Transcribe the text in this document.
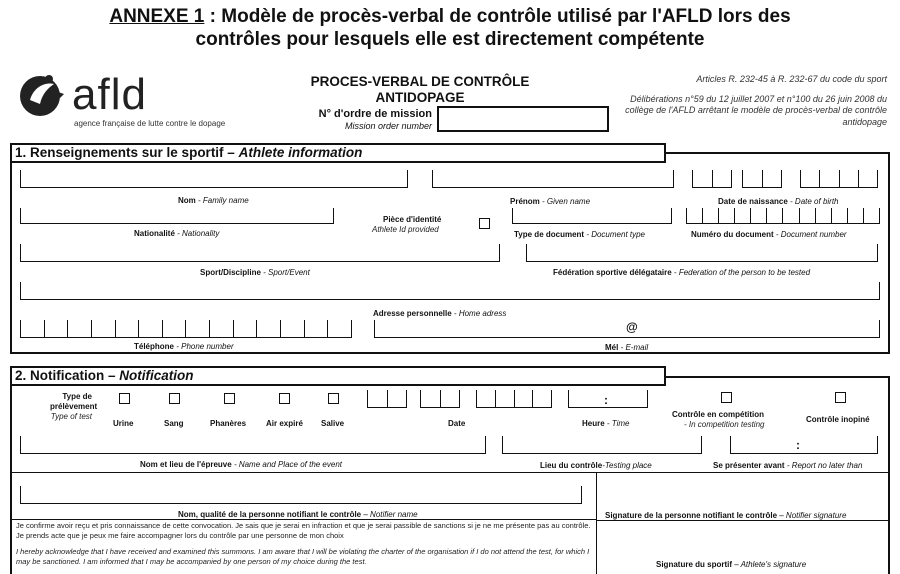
ANNEXE 1 : Modèle de procès-verbal de contrôle utilisé par l'AFLD lors des
contrôles pour lesquels elle est directement compétente
afld
agence française de lutte contre le dopage
PROCES-VERBAL DE CONTRÔLE
ANTIDOPAGE
N° d'ordre de mission
Mission order number
Articles R. 232-45 à R. 232-67 du code du sport
Délibérations n°59 du 12 juillet 2007 et n°100 du 26 juin 2008 du collège de l'AFLD arrêtant le modèle de procès-verbal de contrôle antidopage
1. Renseignements sur le sportif – Athlete information
Nom - Family name	Prénom - Given name	Date de naissance - Date of birth
Pièce d'identité
Athlete Id provided
Nationalité - Nationality	Type de document - Document type	Numéro du document - Document number
Sport/Discipline - Sport/Event	Fédération sportive délégataire - Federation of the person to be tested
Adresse personnelle - Home adress
@
Téléphone - Phone number	Mél - E-mail
2. Notification – Notification
Type de
prélèvement
Type of test
Urine	Sang	Phanères Air expiré Salive	Date
:
Heure - Time
Contrôle en compétition
- In competition testing
Contrôle inopiné
:
Nom et lieu de l'épreuve - Name and Place of the event	Lieu du contrôle-Testing place	Se présenter avant - Report no later than
Nom, qualité de la personne notifiant le contrôle – Notifier name	Signature de la personne notifiant le contrôle – Notifier signature
Je confirme avoir reçu et pris connaissance de cette convocation. Je sais que je serai en infraction et que je serai passible de sanctions si je ne me présente pas au contrôle. Je prends acte que je peux me faire accompagner lors du contrôle par une personne de mon choix
I hereby acknowledge that I have received and examined this summons. I am aware that I will be violating the charter of the organisation if I do not attend the test, for which I may be sanctioned. I am informed that I may be accompanied by one person of my choice during the test.	Signature du sportif – Athlete's signature
